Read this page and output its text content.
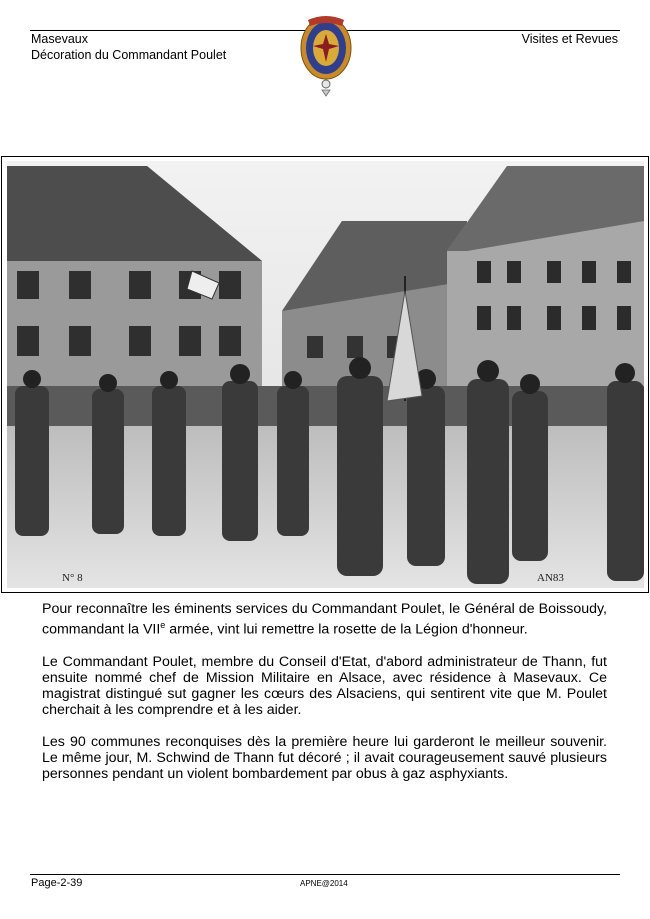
Masevaux
Décoration du Commandant Poulet
Visites et Revues
N° 8	AN83

Pour reconnaître les éminents services du Commandant Poulet, le Général de Boissoudy, commandant la VIIe armée, vint lui remettre la rosette de la Légion d'honneur.

Le Commandant Poulet, membre du Conseil d'Etat, d'abord administrateur de Thann, fut ensuite nommé chef de Mission Militaire en Alsace, avec résidence à Masevaux. Ce magistrat distingué sut gagner les cœurs des Alsaciens, qui sentirent vite que M. Poulet cherchait à les comprendre et à les aider.

Les 90 communes reconquises dès la première heure lui garderont le meilleur souvenir. Le même jour, M. Schwind de Thann fut décoré ; il avait courageusement sauvé plusieurs personnes pendant un violent bombardement par obus à gaz asphyxiants.

Page-2-39	APNE@2014
